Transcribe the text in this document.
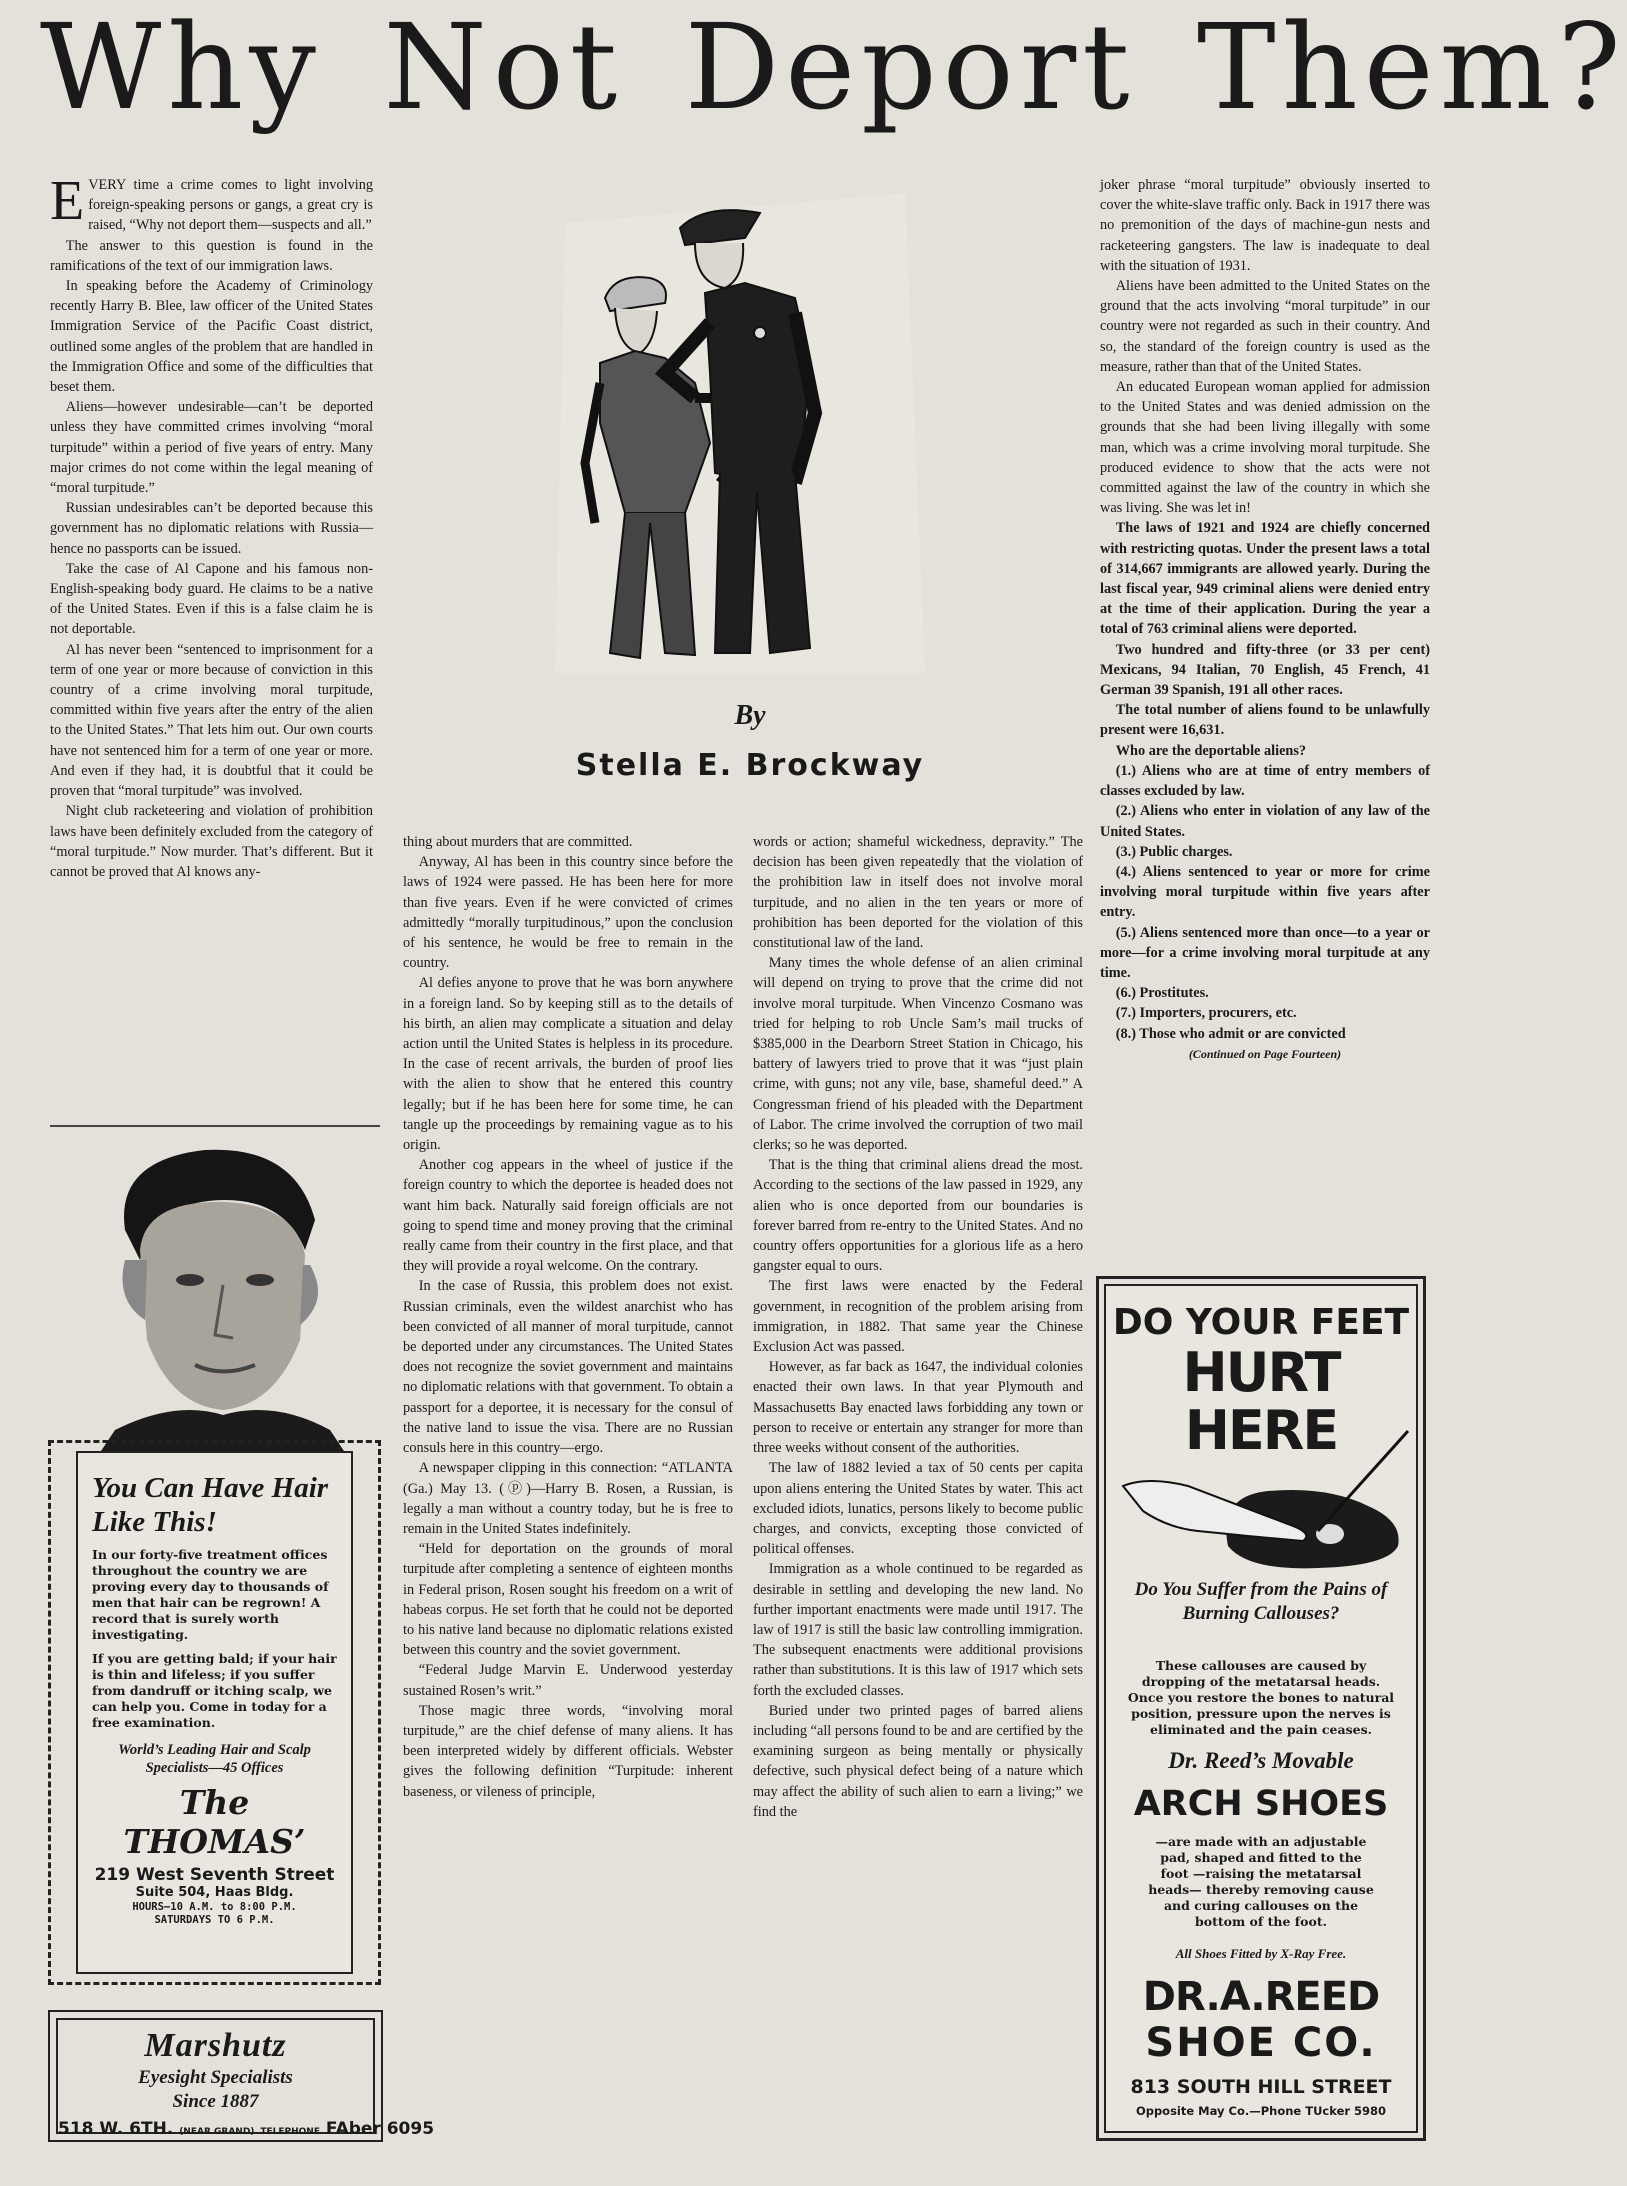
Why Not Deport Them?

EVERY time a crime comes to light involving foreign-speaking persons or gangs, a great cry is raised, “Why not deport them—suspects and all.”

The answer to this question is found in the ramifications of the text of our immigration laws.

In speaking before the Academy of Criminology recently Harry B. Blee, law officer of the United States Immigration Service of the Pacific Coast district, outlined some angles of the problem that are handled in the Immigration Office and some of the difficulties that beset them.

Aliens—however undesirable—can’t be deported unless they have committed crimes involving “moral turpitude” within a period of five years of entry. Many major crimes do not come within the legal meaning of “moral turpitude.”

Russian undesirables can’t be deported because this government has no diplomatic relations with Russia—hence no passports can be issued.

Take the case of Al Capone and his famous non-English-speaking body guard. He claims to be a native of the United States. Even if this is a false claim he is not deportable.

Al has never been “sentenced to imprisonment for a term of one year or more because of conviction in this country of a crime involving moral turpitude, committed within five years after the entry of the alien to the United States.” That lets him out. Our own courts have not sentenced him for a term of one year or more. And even if they had, it is doubtful that it could be proven that “moral turpitude” was involved.

Night club racketeering and violation of prohibition laws have been definitely excluded from the category of “moral turpitude.” Now murder. That’s different. But it cannot be proved that Al knows any-

By
Stella E. Brockway

thing about murders that are committed.

Anyway, Al has been in this country since before the laws of 1924 were passed. He has been here for more than five years. Even if he were convicted of crimes admittedly “morally turpitudinous,” upon the conclusion of his sentence, he would be free to remain in the country.

Al defies anyone to prove that he was born anywhere in a foreign land. So by keeping still as to the details of his birth, an alien may complicate a situation and delay action until the United States is helpless in its procedure. In the case of recent arrivals, the burden of proof lies with the alien to show that he entered this country legally; but if he has been here for some time, he can tangle up the proceedings by remaining vague as to his origin.

Another cog appears in the wheel of justice if the foreign country to which the deportee is headed does not want him back. Naturally said foreign officials are not going to spend time and money proving that the criminal really came from their country in the first place, and that they will provide a royal welcome. On the contrary.

In the case of Russia, this problem does not exist. Russian criminals, even the wildest anarchist who has been convicted of all manner of moral turpitude, cannot be deported under any circumstances. The United States does not recognize the soviet government and maintains no diplomatic relations with that government. To obtain a passport for a deportee, it is necessary for the consul of the native land to issue the visa. There are no Russian consuls here in this country—ergo.

A newspaper clipping in this connection: “ATLANTA (Ga.) May 13. (ⓟ)—Harry B. Rosen, a Russian, is legally a man without a country today, but he is free to remain in the United States indefinitely.

“Held for deportation on the grounds of moral turpitude after completing a sentence of eighteen months in Federal prison, Rosen sought his freedom on a writ of habeas corpus. He set forth that he could not be deported to his native land because no diplomatic relations existed between this country and the soviet government.

“Federal Judge Marvin E. Underwood yesterday sustained Rosen’s writ.”

Those magic three words, “involving moral turpitude,” are the chief defense of many aliens. It has been interpreted widely by different officials. Webster gives the following definition “Turpitude: inherent baseness, or vileness of principle,

words or action; shameful wickedness, depravity.” The decision has been given repeatedly that the violation of the prohibition law in itself does not involve moral turpitude, and no alien in the ten years or more of prohibition has been deported for the violation of this constitutional law of the land.

Many times the whole defense of an alien criminal will depend on trying to prove that the crime did not involve moral turpitude. When Vincenzo Cosmano was tried for helping to rob Uncle Sam’s mail trucks of $385,000 in the Dearborn Street Station in Chicago, his battery of lawyers tried to prove that it was “just plain crime, with guns; not any vile, base, shameful deed.” A Congressman friend of his pleaded with the Department of Labor. The crime involved the corruption of two mail clerks; so he was deported.

That is the thing that criminal aliens dread the most. According to the sections of the law passed in 1929, any alien who is once deported from our boundaries is forever barred from re-entry to the United States. And no country offers opportunities for a glorious life as a hero gangster equal to ours.

The first laws were enacted by the Federal government, in recognition of the problem arising from immigration, in 1882. That same year the Chinese Exclusion Act was passed.

However, as far back as 1647, the individual colonies enacted their own laws. In that year Plymouth and Massachusetts Bay enacted laws forbidding any town or person to receive or entertain any stranger for more than three weeks without consent of the authorities.

The law of 1882 levied a tax of 50 cents per capita upon aliens entering the United States by water. This act excluded idiots, lunatics, persons likely to become public charges, and convicts, excepting those convicted of political offenses.

Immigration as a whole continued to be regarded as desirable in settling and developing the new land. No further important enactments were made until 1917. The law of 1917 is still the basic law controlling immigration. The subsequent enactments were additional provisions rather than substitutions. It is this law of 1917 which sets forth the excluded classes.

Buried under two printed pages of barred aliens including “all persons found to be and are certified by the examining surgeon as being mentally or physically defective, such physical defect being of a nature which may affect the ability of such alien to earn a living;” we find the

joker phrase “moral turpitude” obviously inserted to cover the white-slave traffic only. Back in 1917 there was no premonition of the days of machine-gun nests and racketeering gangsters. The law is inadequate to deal with the situation of 1931.

Aliens have been admitted to the United States on the ground that the acts involving “moral turpitude” in our country were not regarded as such in their country. And so, the standard of the foreign country is used as the measure, rather than that of the United States.

An educated European woman applied for admission to the United States and was denied admission on the grounds that she had been living illegally with some man, which was a crime involving moral turpitude. She produced evidence to show that the acts were not committed against the law of the country in which she was living. She was let in!

The laws of 1921 and 1924 are chiefly concerned with restricting quotas. Under the present laws a total of 314,667 immigrants are allowed yearly. During the last fiscal year, 949 criminal aliens were denied entry at the time of their application. During the year a total of 763 criminal aliens were deported.

Two hundred and fifty-three (or 33 per cent) Mexicans, 94 Italian, 70 English, 45 French, 41 German 39 Spanish, 191 all other races.

The total number of aliens found to be unlawfully present were 16,631.

Who are the deportable aliens?

(1.) Aliens who are at time of entry members of classes excluded by law.

(2.) Aliens who enter in violation of any law of the United States.

(3.) Public charges.

(4.) Aliens sentenced to year or more for crime involving moral turpitude within five years after entry.

(5.) Aliens sentenced more than once—to a year or more—for a crime involving moral turpitude at any time.

(6.) Prostitutes.

(7.) Importers, procurers, etc.

(8.) Those who admit or are convicted

(Continued on Page Fourteen)

You Can Have Hair Like This!

In our forty-five treatment offices throughout the country we are proving every day to thousands of men that hair can be regrown! A record that is surely worth investigating.

If you are getting bald; if your hair is thin and lifeless; if you suffer from dandruff or itching scalp, we can help you. Come in today for a free examination.

World’s Leading Hair and Scalp Specialists—45 Offices
The THOMAS’
219 West Seventh Street
Suite 504, Haas Bldg.
HOURS—10 A.M. to 8:00 P.M.
SATURDAYS TO 6 P.M.
Marshutz
Eyesight Specialists
Since 1887
518 W. 6TH. (NEAR GRAND) TELEPHONE FAber 6095
DO YOUR FEET
HURT HERE
Do You Suffer from the Pains of Burning Callouses?
These callouses are caused by dropping of the metatarsal heads. Once you restore the bones to natural position, pressure upon the nerves is eliminated and the pain ceases.
Dr. Reed’s Movable
ARCH SHOES
—are made with an adjustable pad, shaped and fitted to the foot —raising the metatarsal heads— thereby removing cause and curing callouses on the bottom of the foot.
All Shoes Fitted by X-Ray Free.
DR.A.REED
SHOE CO.
813 SOUTH HILL STREET
Opposite May Co.—Phone TUcker 5980
